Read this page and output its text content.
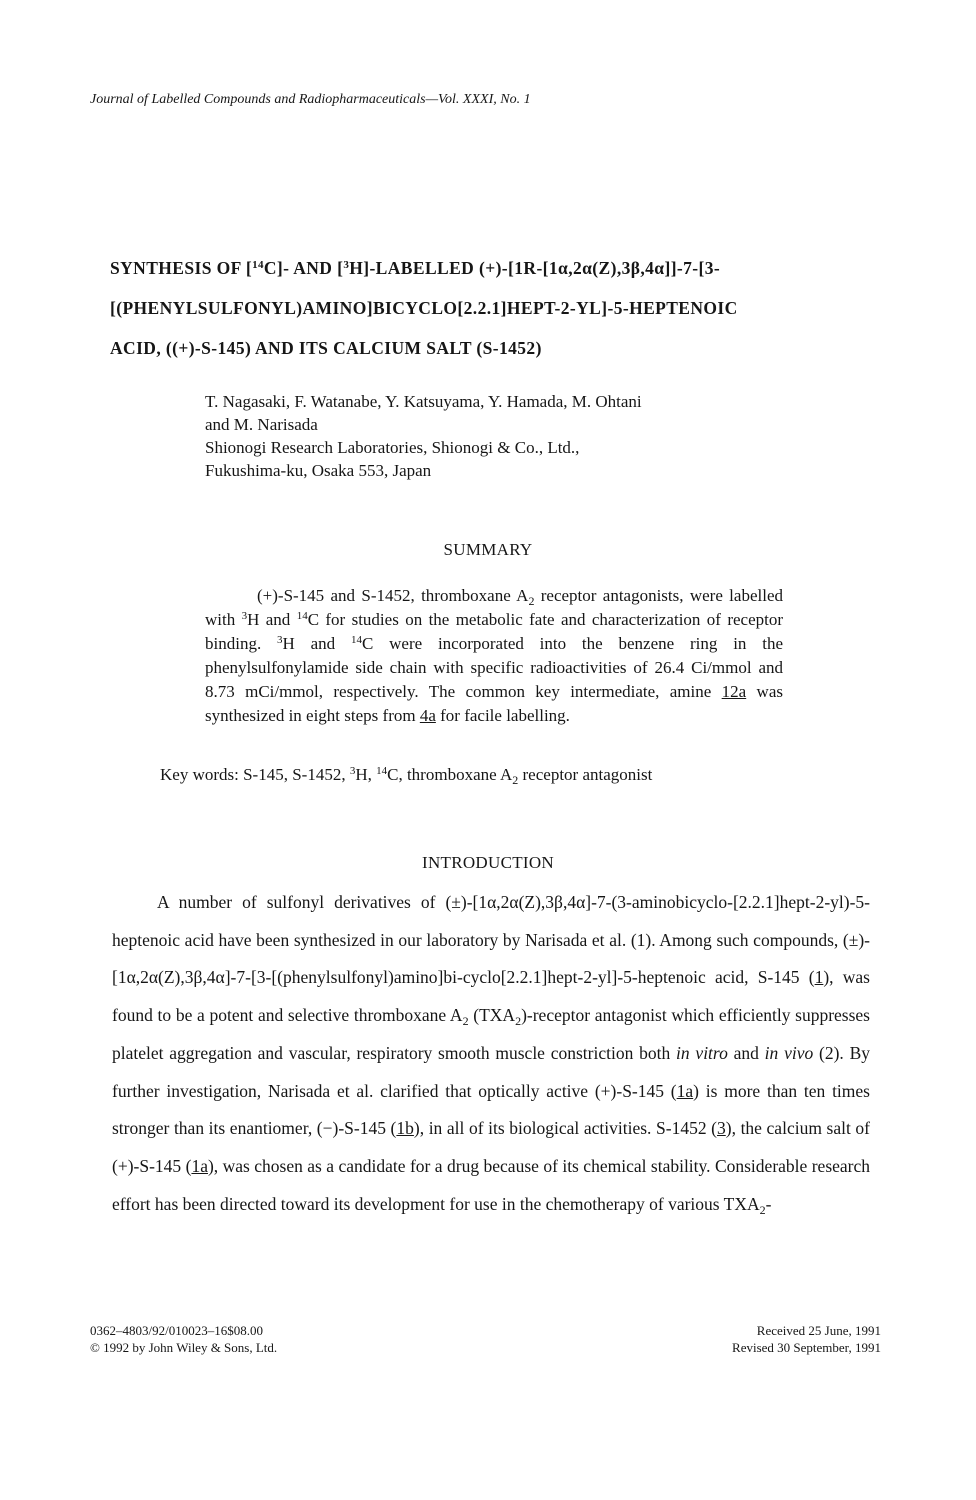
Journal of Labelled Compounds and Radiopharmaceuticals—Vol. XXXI, No. 1
SYNTHESIS OF [$^{14}$C]- AND [$^3$H]-LABELLED (+)-[1R-[1α,2α(Z),3β,4α]]-7-[3-
[(PHENYLSULFONYL)AMINO]BICYCLO[2.2.1]HEPT-2-YL]-5-HEPTENOIC
ACID, ((+)-S-145) AND ITS CALCIUM SALT (S-1452)
T. Nagasaki, F. Watanabe, Y. Katsuyama, Y. Hamada, M. Ohtani
and M. Narisada
Shionogi Research Laboratories, Shionogi & Co., Ltd.,
Fukushima-ku, Osaka 553, Japan
SUMMARY

(+)-S-145 and S-1452, thromboxane $A_2$ receptor antagonists, were labelled with $^3$H and $^{14}$C for studies on the metabolic fate and characterization of receptor binding. $^3$H and $^{14}$C were incorporated into the benzene ring in the phenylsulfonylamide side chain with specific radioactivities of 26.4 Ci/mmol and 8.73 mCi/mmol, respectively. The common key intermediate, amine 12a was synthesized in eight steps from 4a for facile labelling.

Key words: S-145, S-1452, $^3$H, $^{14}$C, thromboxane $A_2$ receptor antagonist
INTRODUCTION

A number of sulfonyl derivatives of (±)-[1α,2α(Z),3β,4α]-7-(3-aminobicyclo-[2.2.1]hept-2-yl)-5-heptenoic acid have been synthesized in our laboratory by Narisada et al. (1). Among such compounds, (±)-[1α,2α(Z),3β,4α]-7-[3-[(phenylsulfonyl)amino]bi-cyclo[2.2.1]hept-2-yl]-5-heptenoic acid, S-145 (1), was found to be a potent and selective thromboxane $A_2$ $(TXA_2)$-receptor antagonist which efficiently suppresses platelet aggregation and vascular, respiratory smooth muscle constriction both in vitro and in vivo (2). By further investigation, Narisada et al. clarified that optically active (+)-S-145 (1a) is more than ten times stronger than its enantiomer, (−)-S-145 (1b), in all of its biological activities. S-1452 (3), the calcium salt of (+)-S-145 (1a), was chosen as a candidate for a drug because of its chemical stability. Considerable research effort has been directed toward its development for use in the chemotherapy of various $TXA_2-$

0362–4803/92/010023–16$08.00
© 1992 by John Wiley & Sons, Ltd.
Received 25 June, 1991
Revised 30 September, 1991
